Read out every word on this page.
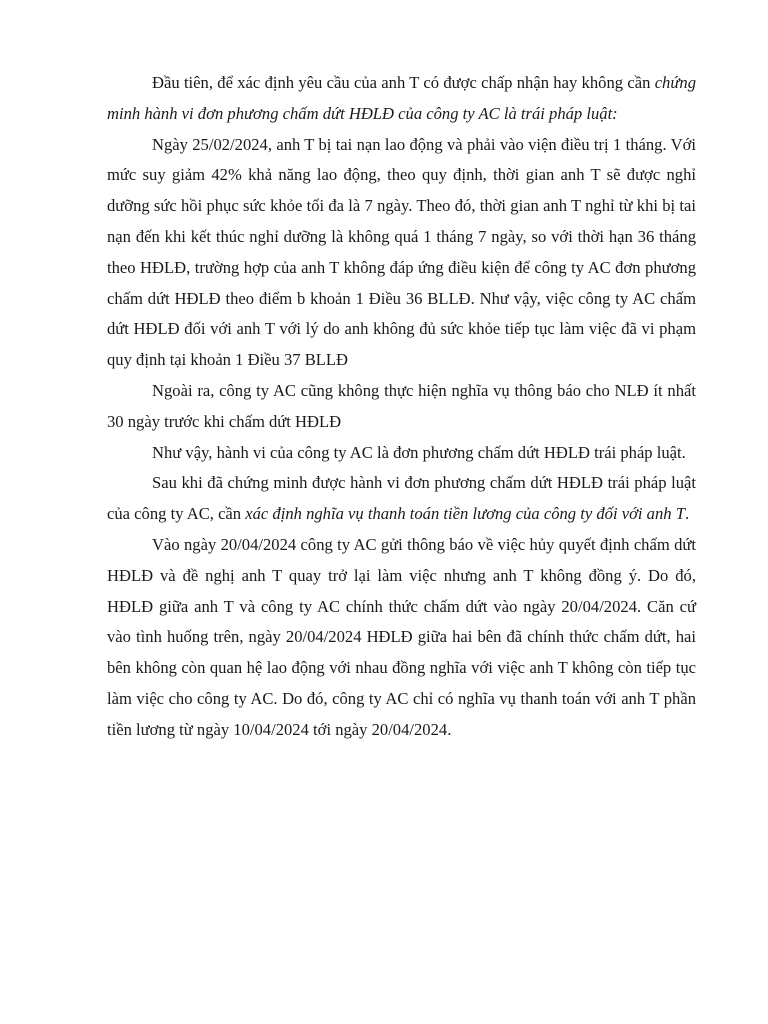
Đầu tiên, để xác định yêu cầu của anh T có được chấp nhận hay không cần chứng minh hành vi đơn phương chấm dứt HĐLĐ của công ty AC là trái pháp luật:

Ngày 25/02/2024, anh T bị tai nạn lao động và phải vào viện điều trị 1 tháng. Với mức suy giảm 42% khả năng lao động, theo quy định, thời gian anh T sẽ được nghỉ dưỡng sức hồi phục sức khỏe tối đa là 7 ngày. Theo đó, thời gian anh T nghỉ từ khi bị tai nạn đến khi kết thúc nghỉ dưỡng là không quá 1 tháng 7 ngày, so với thời hạn 36 tháng theo HĐLĐ, trường hợp của anh T không đáp ứng điều kiện để công ty AC đơn phương chấm dứt HĐLĐ theo điểm b khoản 1 Điều 36 BLLĐ. Như vậy, việc công ty AC chấm dứt HĐLĐ đối với anh T với lý do anh không đủ sức khỏe tiếp tục làm việc đã vi phạm quy định tại khoản 1 Điều 37 BLLĐ

Ngoài ra, công ty AC cũng không thực hiện nghĩa vụ thông báo cho NLĐ ít nhất 30 ngày trước khi chấm dứt HĐLĐ

Như vậy, hành vi của công ty AC là đơn phương chấm dứt HĐLĐ trái pháp luật.

Sau khi đã chứng minh được hành vi đơn phương chấm dứt HĐLĐ trái pháp luật của công ty AC, cần xác định nghĩa vụ thanh toán tiền lương của công ty đối với anh T.

Vào ngày 20/04/2024 công ty AC gửi thông báo về việc hủy quyết định chấm dứt HĐLĐ và đề nghị anh T quay trở lại làm việc nhưng anh T không đồng ý. Do đó, HĐLĐ giữa anh T và công ty AC chính thức chấm dứt vào ngày 20/04/2024. Căn cứ vào tình huống trên, ngày 20/04/2024 HĐLĐ giữa hai bên đã chính thức chấm dứt, hai bên không còn quan hệ lao động với nhau đồng nghĩa với việc anh T không còn tiếp tục làm việc cho công ty AC. Do đó, công ty AC chỉ có nghĩa vụ thanh toán với anh T phần tiền lương từ ngày 10/04/2024 tới ngày 20/04/2024.
